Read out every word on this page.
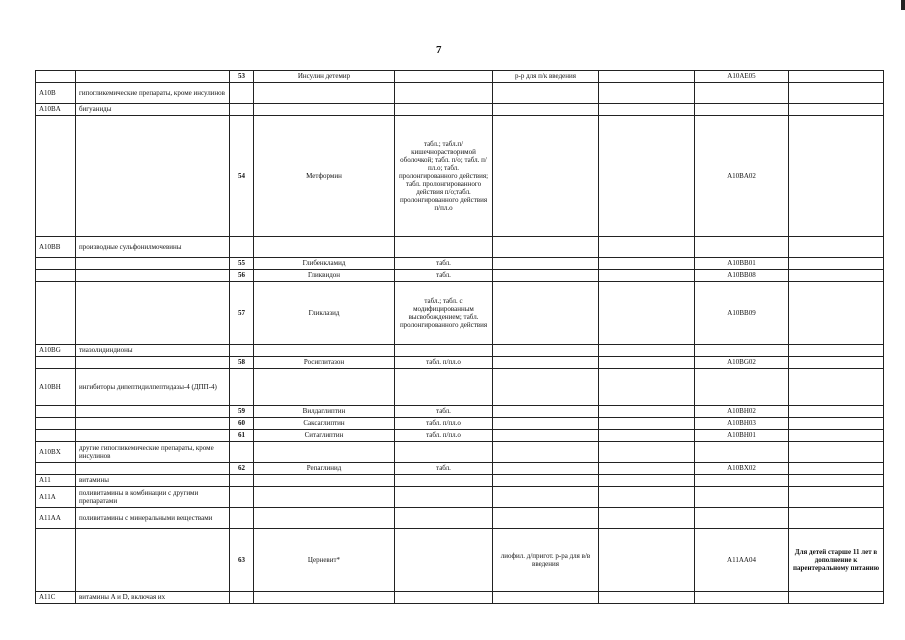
7
		53	Инсулин детемир		р-р для п/к введения		A10AE05	
A10B	гипогликемические препараты, кроме инсулинов							
A10BA	бигуаниды							
		54	Метформин	табл.; табл.п/кишечнорастворимой оболочкой; табл. п/о; табл. п/пл.о; табл. пролонгированного действия; табл. пролонгированного действия п/о;табл. пролонгированного действия п/пл.о			A10BA02	
A10BB	производные сульфонилмочевины							
		55	Глибенкламид	табл.			A10BB01	
		56	Гликвидон	табл.			A10BB08	
		57	Гликлазид	табл.; табл. с модифицированным высвобождением; табл. пролонгированного действия			A10BB09	
A10BG	тиазолидиндионы							
		58	Росиглитазон	табл. п/пл.о			A10BG02	
A10BH	ингибиторы дипептидилпептидазы-4 (ДПП-4)							
		59	Вилдаглиптин	табл.			A10BH02	
		60	Саксаглиптин	табл. п/пл.о			A10BH03	
		61	Ситаглиптин	табл. п/пл.о			A10BH01	
A10BX	другие гипогликемические препараты, кроме инсулинов							
		62	Репаглинид	табл.			A10BX02	
A11	витамины							
A11A	поливитамины в комбинации с другими препаратами							
A11AA	поливитамины с минеральными веществами							
		63	Церневит*		лиофил. д/пригот. р-ра для в/в введения		A11AA04	Для детей старше 11 лет в дополнение к парентеральному питанию
A11C	витамины A и D, включая их							
